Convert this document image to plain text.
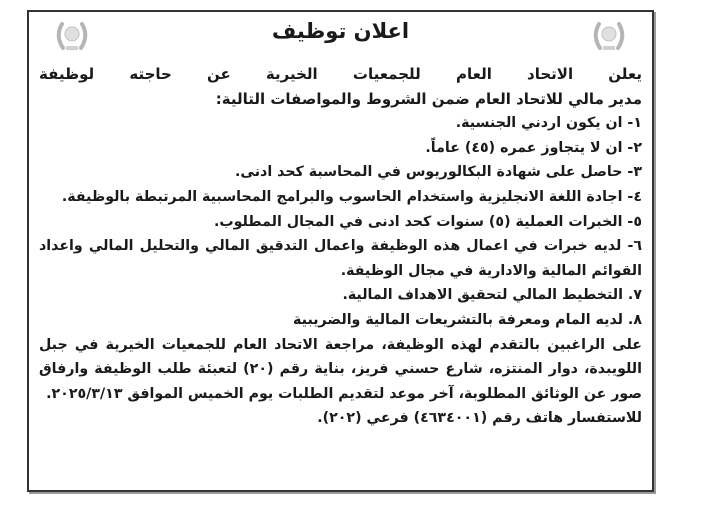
اعلان توظيف
يعلن الاتحاد العام للجمعيات الخيرية عن حاجته لوظيفة
مدير مالي للاتحاد العام ضمن الشروط والمواصفات التالية:
١- ان يكون اردني الجنسية.
٢- ان لا يتجاوز عمره (٤٥) عاماً.
٣- حاصل على شهادة البكالوريوس في المحاسبة كحد ادنى.
٤- اجادة اللغة الانجليزية واستخدام الحاسوب والبرامج المحاسبية المرتبطة بالوظيفة.
٥- الخبرات العملية (٥) سنوات كحد ادنى في المجال المطلوب.
٦- لديه خبرات في اعمال هذه الوظيفة واعمال التدقيق المالي والتحليل المالي واعداد القوائم المالية والادارية في مجال الوظيفة.
٧. التخطيط المالي لتحقيق الاهداف المالية.
٨. لديه المام ومعرفة بالتشريعات المالية والضريبية
على الراغبين بالتقدم لهذه الوظيفة، مراجعة الاتحاد العام للجمعيات الخيرية في جبل اللويبدة، دوار المنتزه، شارع حسني فريز، بناية رقم (٢٠) لتعبئة طلب الوظيفة وارفاق صور عن الوثائق المطلوبة، آخر موعد لتقديم الطلبات يوم الخميس الموافق ٢٠٢٥/٣/١٣.
للاستفسار هاتف رقم (٤٦٣٤٠٠١) فرعي (٢٠٢).
